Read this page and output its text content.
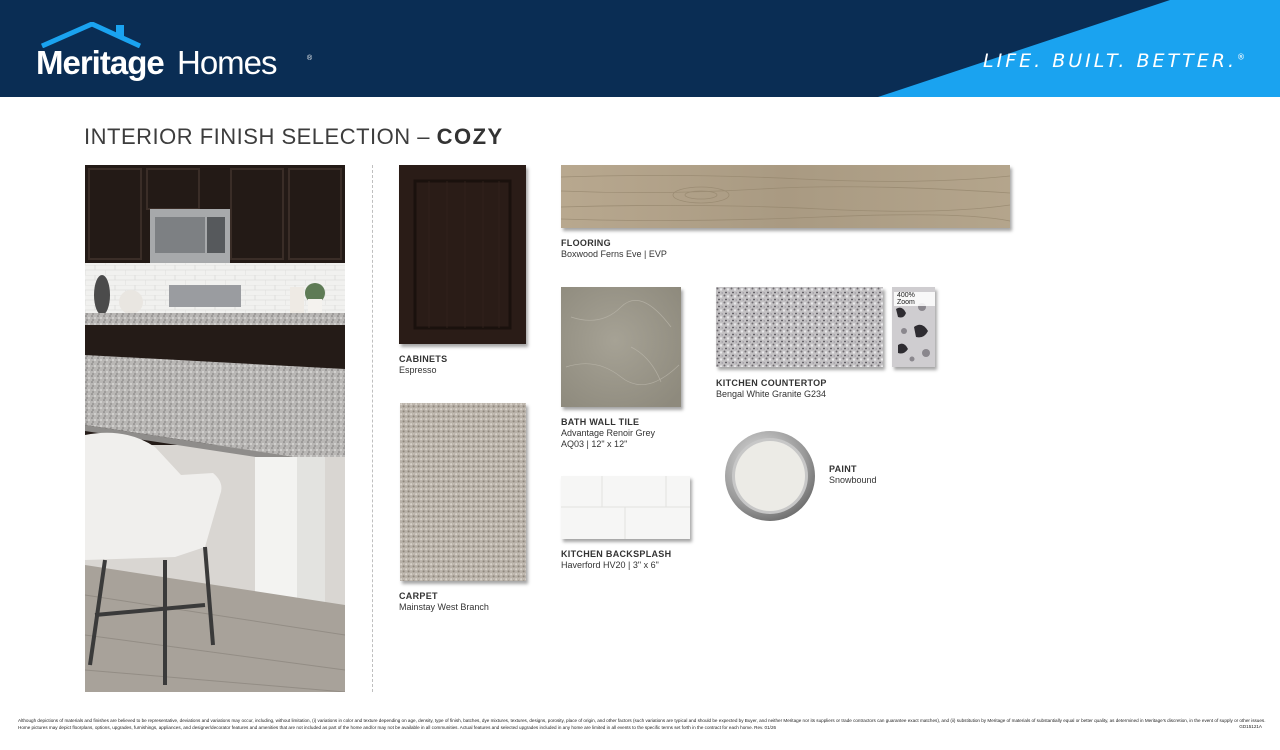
Meritage Homes	®	LIFE. BUILT. BETTER.®
INTERIOR FINISH SELECTION – COZY
CABINETS
Espresso
CARPET
Mainstay West Branch
FLOORING
Boxwood Ferns Eve | EVP
BATH WALL TILE
Advantage Renoir Grey
AQ03 | 12" x 12"
KITCHEN BACKSPLASH
Haverford HV20 | 3" x 6"
400% Zoom
KITCHEN COUNTERTOP
Bengal White Granite G234
PAINT
Snowbound
Although depictions of materials and finishes are believed to be representative, deviations and variations may occur, including, without limitation, (i) variations in color and texture depending on age, density, type of finish, batches, dye mixtures, textures, designs, porosity, place of origin, and other factors (such variations are typical and should be expected by Buyer, and neither Meritage nor its suppliers or trade contractors can guarantee exact matches), and (ii) substitution by Meritage of materials of substantially equal or better quality, as determined in Meritage's discretion, in the event of supply or other issues. Home pictures may depict floorplans, options, upgrades, furnishings, appliances, and designer/decorator features and amenities that are not included as part of the home and/or may not be available in all communities. Actual features and selected upgrades included in any home are limited in all events to the specific terms set forth in the contract for each home. Rev. 01/26	GD15121A
